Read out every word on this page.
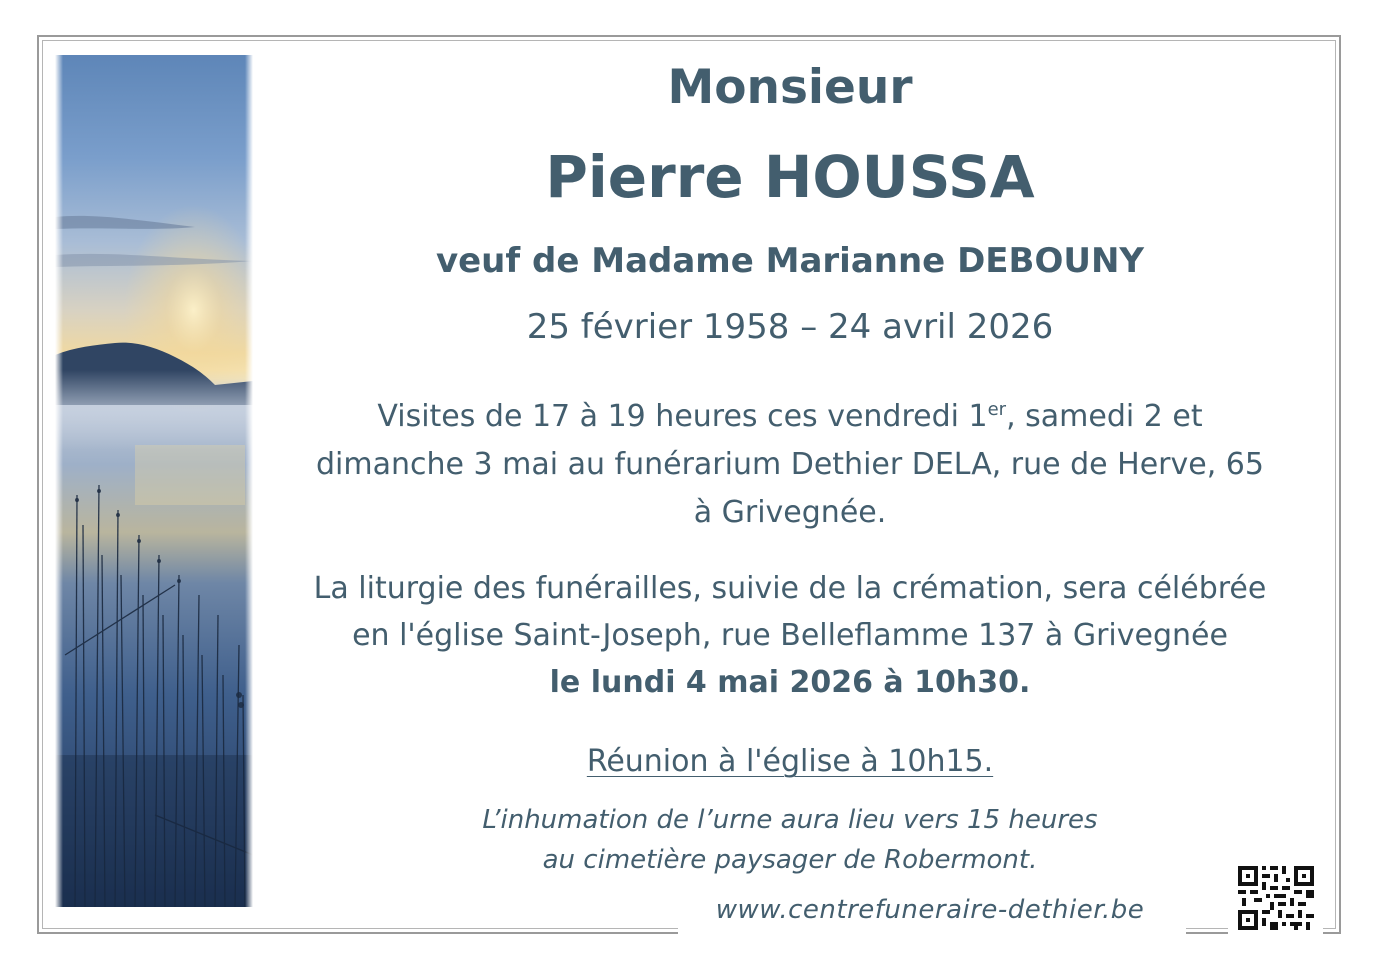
Monsieur
Pierre HOUSSA
veuf de Madame Marianne DEBOUNY
25 février 1958 – 24 avril 2026
Visites de 17 à 19 heures ces vendredi 1er, samedi 2 et
dimanche 3 mai au funérarium Dethier DELA, rue de Herve, 65
à Grivegnée.
La liturgie des funérailles, suivie de la crémation, sera célébrée
en l'église Saint-Joseph, rue Belleflamme 137 à Grivegnée
le lundi 4 mai 2026 à 10h30.
Réunion à l'église à 10h15.
L’inhumation de l’urne aura lieu vers 15 heures
au cimetière paysager de Robermont.
www.centrefuneraire-dethier.be
